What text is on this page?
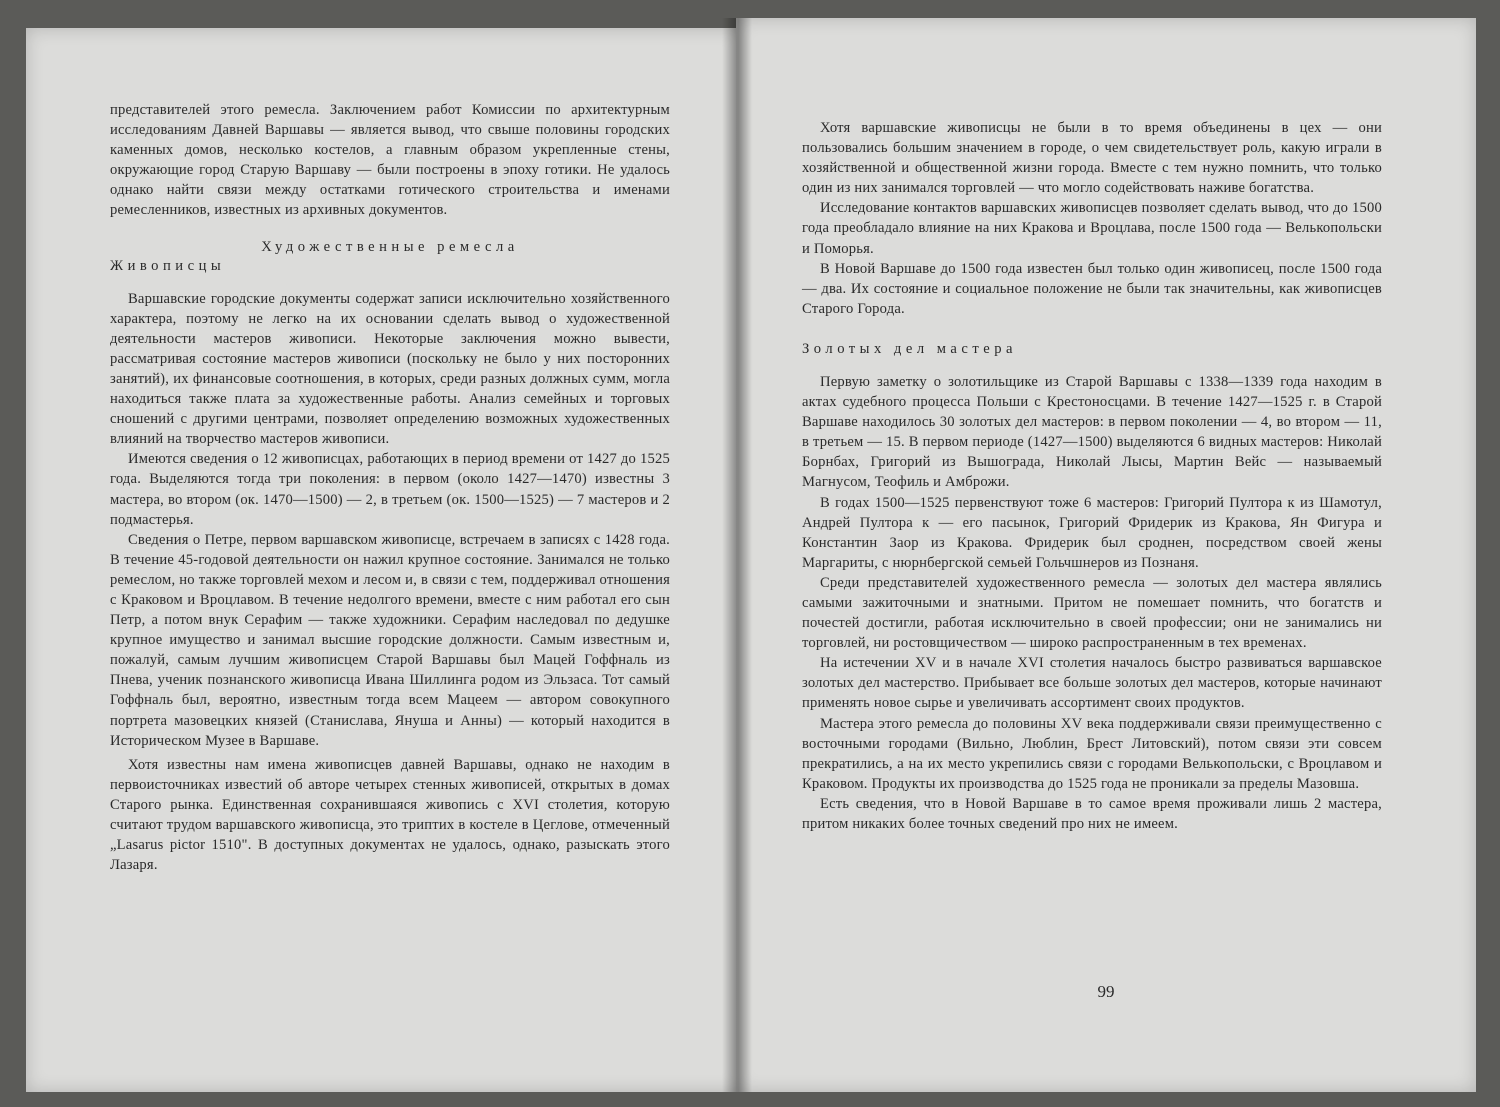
представителей этого ремесла. Заключением работ Комиссии по архитектурным исследованиям Давней Варшавы — является вывод, что свыше половины городских каменных домов, несколько костелов, а главным образом укрепленные стены, окружающие город Старую Варшаву — были построены в эпоху готики. Не удалось однако найти связи между остатками готического строительства и именами ремесленников, известных из архивных документов.

Художественные ремесла
Живописцы

Варшавские городские документы содержат записи исключительно хозяйственного характера, поэтому не легко на их основании сделать вывод о художественной деятельности мастеров живописи. Некоторые заключения можно вывести, рассматривая состояние мастеров живописи (поскольку не было у них посторонних занятий), их финансовые соотношения, в которых, среди разных должных сумм, могла находиться также плата за художественные работы. Анализ семейных и торговых сношений с другими центрами, позволяет определению возможных художественных влияний на творчество мастеров живописи.

Имеются сведения о 12 живописцах, работающих в период времени от 1427 до 1525 года. Выделяются тогда три поколения: в первом (около 1427—1470) известны 3 мастера, во втором (ок. 1470—1500) — 2, в третьем (ок. 1500—1525) — 7 мастеров и 2 подмастерья.

Сведения о Петре, первом варшавском живописце, встречаем в записях с 1428 года. В течение 45-годовой деятельности он нажил крупное состояние. Занимался не только ремеслом, но также торговлей мехом и лесом и, в связи с тем, поддерживал отношения с Краковом и Вроцлавом. В течение недолгого времени, вместе с ним работал его сын Петр, а потом внук Серафим — также художники. Серафим наследовал по дедушке крупное имущество и занимал высшие городские должности. Самым известным и, пожалуй, самым лучшим живописцем Старой Варшавы был Мацей Гоффналь из Пнева, ученик познанского живописца Ивана Шиллинга родом из Эльзаса. Тот самый Гоффналь был, вероятно, известным тогда всем Мацеем — автором совокупного портрета мазовецких князей (Станислава, Януша и Анны) — который находится в Историческом Музее в Варшаве.

Хотя известны нам имена живописцев давней Варшавы, однако не находим в первоисточниках известий об авторе четырех стенных живописей, открытых в домах Старого рынка. Единственная сохранившаяся живопись с XVI столетия, которую считают трудом варшавского живописца, это триптих в костеле в Цеглове, отмеченный „Lasarus pictor 1510". В доступных документах не удалось, однако, разыскать этого Лазаря.

Хотя варшавские живописцы не были в то время объединены в цех — они пользовались большим значением в городе, о чем свидетельствует роль, какую играли в хозяйственной и общественной жизни города. Вместе с тем нужно помнить, что только один из них занимался торговлей — что могло содействовать наживе богатства.

Исследование контактов варшавских живописцев позволяет сделать вывод, что до 1500 года преобладало влияние на них Кракова и Вроцлава, после 1500 года — Велькопольски и Поморья.

В Новой Варшаве до 1500 года известен был только один живописец, после 1500 года — два. Их состояние и социальное положение не были так значительны, как живописцев Старого Города.

Золотых дел мастера

Первую заметку о золотильщике из Старой Варшавы с 1338—1339 года находим в актах судебного процесса Польши с Крестоносцами. В течение 1427—1525 г. в Старой Варшаве находилось 30 золотых дел мастеров: в первом поколении — 4, во втором — 11, в третьем — 15. В первом периоде (1427—1500) выделяются 6 видных мастеров: Николай Борнбах, Григорий из Вышограда, Николай Лысы, Мартин Вейс — называемый Магнусом, Теофиль и Амброжи.

В годах 1500—1525 первенствуют тоже 6 мастеров: Григорий Пултора к из Шамотул, Андрей Пултора к — его пасынок, Григорий Фридерик из Кракова, Ян Фигура и Константин Заор из Кракова. Фридерик был сроднен, посредством своей жены Маргариты, с нюрнбергской семьей Гольчшнеров из Познаня.

Среди представителей художественного ремесла — золотых дел мастера являлись самыми зажиточными и знатными. Притом не помешает помнить, что богатств и почестей достигли, работая исключительно в своей профессии; они не занимались ни торговлей, ни ростовщичеством — широко распространенным в тех временах.

На истечении XV и в начале XVI столетия началось быстро развиваться варшавское золотых дел мастерство. Прибывает все больше золотых дел мастеров, которые начинают применять новое сырье и увеличивать ассортимент своих продуктов.

Мастера этого ремесла до половины XV века поддерживали связи преимущественно с восточными городами (Вильно, Люблин, Брест Литовский), потом связи эти совсем прекратились, а на их место укрепились связи с городами Велькопольски, с Вроцлавом и Краковом. Продукты их производства до 1525 года не проникали за пределы Мазовша.

Есть сведения, что в Новой Варшаве в то самое время проживали лишь 2 мастера, притом никаких более точных сведений про них не имеем.

99
